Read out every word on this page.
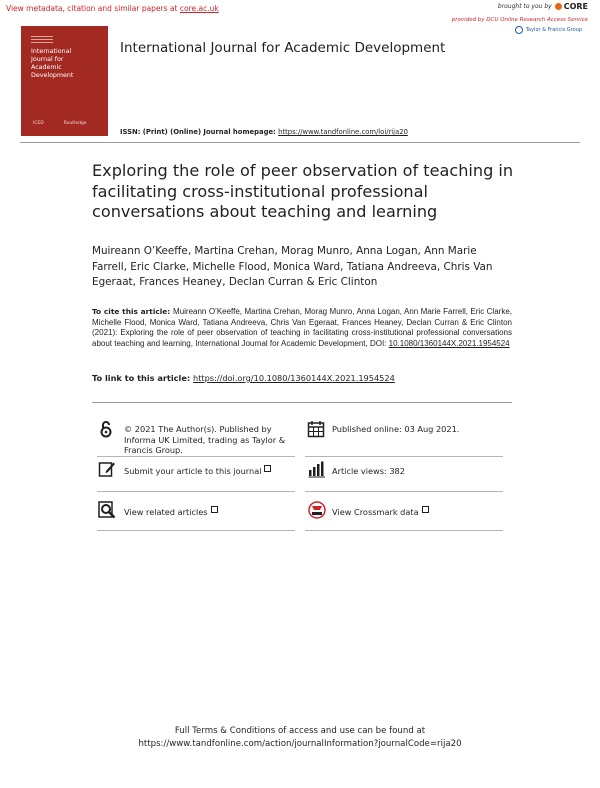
View metadata, citation and similar papers at core.ac.uk	brought to you by CORE
provided by DCU Online Research Access Service
Taylor & Francis Group
International
Journal for
Academic
Development
ICED	Routledge
International Journal for Academic Development
ISSN: (Print) (Online) Journal homepage: https://www.tandfonline.com/loi/rija20
Exploring the role of peer observation of teaching in facilitating cross-institutional professional conversations about teaching and learning
Muireann O’Keeffe, Martina Crehan, Morag Munro, Anna Logan, Ann Marie Farrell, Eric Clarke, Michelle Flood, Monica Ward, Tatiana Andreeva, Chris Van Egeraat, Frances Heaney, Declan Curran & Eric Clinton
To cite this article: Muireann O’Keeffe, Martina Crehan, Morag Munro, Anna Logan, Ann Marie Farrell, Eric Clarke, Michelle Flood, Monica Ward, Tatiana Andreeva, Chris Van Egeraat, Frances Heaney, Declan Curran & Eric Clinton (2021): Exploring the role of peer observation of teaching in facilitating cross-institutional professional conversations about teaching and learning, International Journal for Academic Development, DOI: 10.1080/1360144X.2021.1954524
To link to this article: https://doi.org/10.1080/1360144X.2021.1954524
© 2021 The Author(s). Published by Informa UK Limited, trading as Taylor & Francis Group.
Published online: 03 Aug 2021.
Submit your article to this journal	Article views: 382
View related articles	View Crossmark data
Full Terms & Conditions of access and use can be found at
https://www.tandfonline.com/action/journalInformation?journalCode=rija20
